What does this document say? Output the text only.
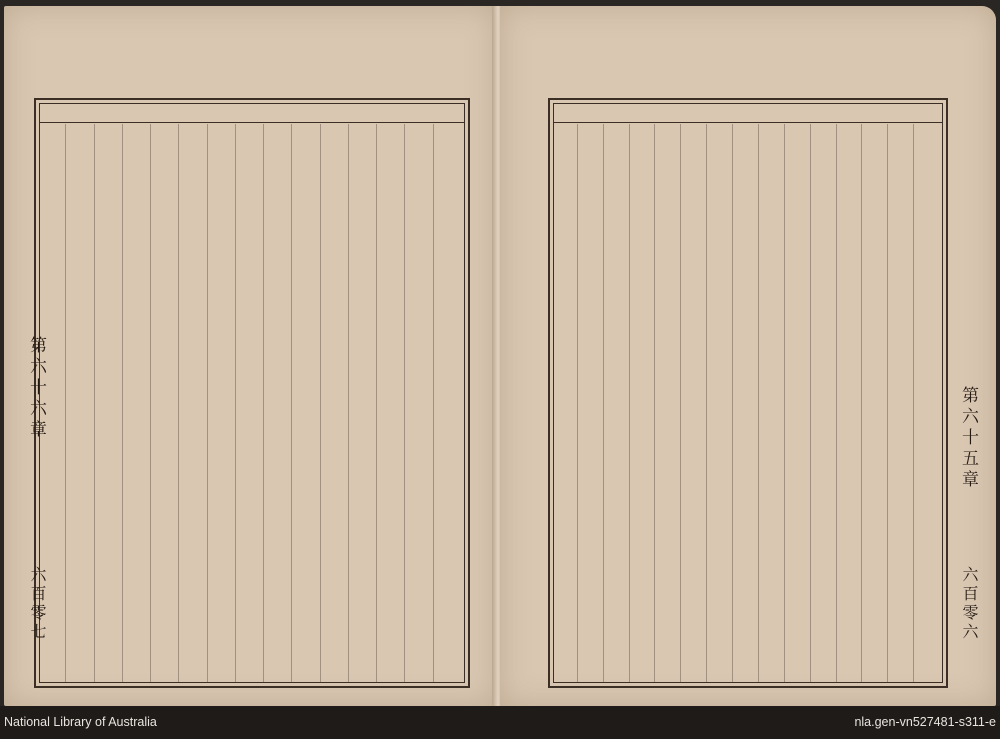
第六十六章
六百零七
第六十五章
六百零六
National Library of Australia	nla.gen-vn527481-s311-e
